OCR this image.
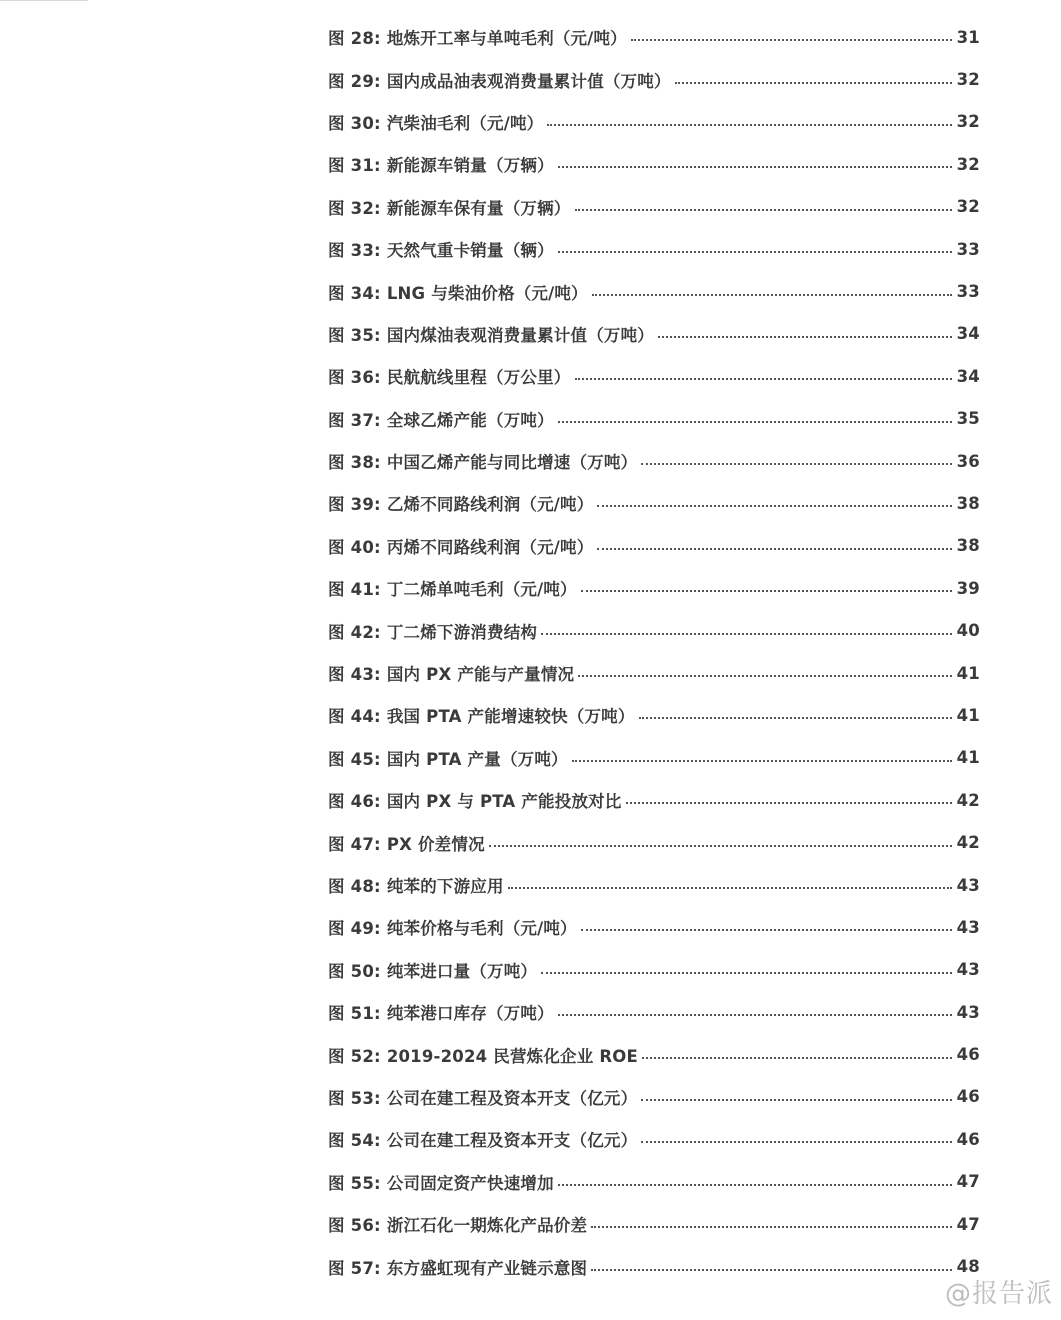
图 28: 地炼开工率与单吨毛利（元/吨）	31
图 29: 国内成品油表观消费量累计值（万吨）	32
图 30: 汽柴油毛利（元/吨）	32
图 31: 新能源车销量（万辆）	32
图 32: 新能源车保有量（万辆）	32
图 33: 天然气重卡销量（辆）	33
图 34: LNG 与柴油价格（元/吨）	33
图 35: 国内煤油表观消费量累计值（万吨）	34
图 36: 民航航线里程（万公里）	34
图 37: 全球乙烯产能（万吨）	35
图 38: 中国乙烯产能与同比增速（万吨）	36
图 39: 乙烯不同路线利润（元/吨）	38
图 40: 丙烯不同路线利润（元/吨）	38
图 41: 丁二烯单吨毛利（元/吨）	39
图 42: 丁二烯下游消费结构	40
图 43: 国内 PX 产能与产量情况	41
图 44: 我国 PTA 产能增速较快（万吨）	41
图 45: 国内 PTA 产量（万吨）	41
图 46: 国内 PX 与 PTA 产能投放对比	42
图 47: PX 价差情况	42
图 48: 纯苯的下游应用	43
图 49: 纯苯价格与毛利（元/吨）	43
图 50: 纯苯进口量（万吨）	43
图 51: 纯苯港口库存（万吨）	43
图 52: 2019-2024 民营炼化企业 ROE	46
图 53: 公司在建工程及资本开支（亿元）	46
图 54: 公司在建工程及资本开支（亿元）	46
图 55: 公司固定资产快速增加	47
图 56: 浙江石化一期炼化产品价差	47
图 57: 东方盛虹现有产业链示意图	48
@报告派
